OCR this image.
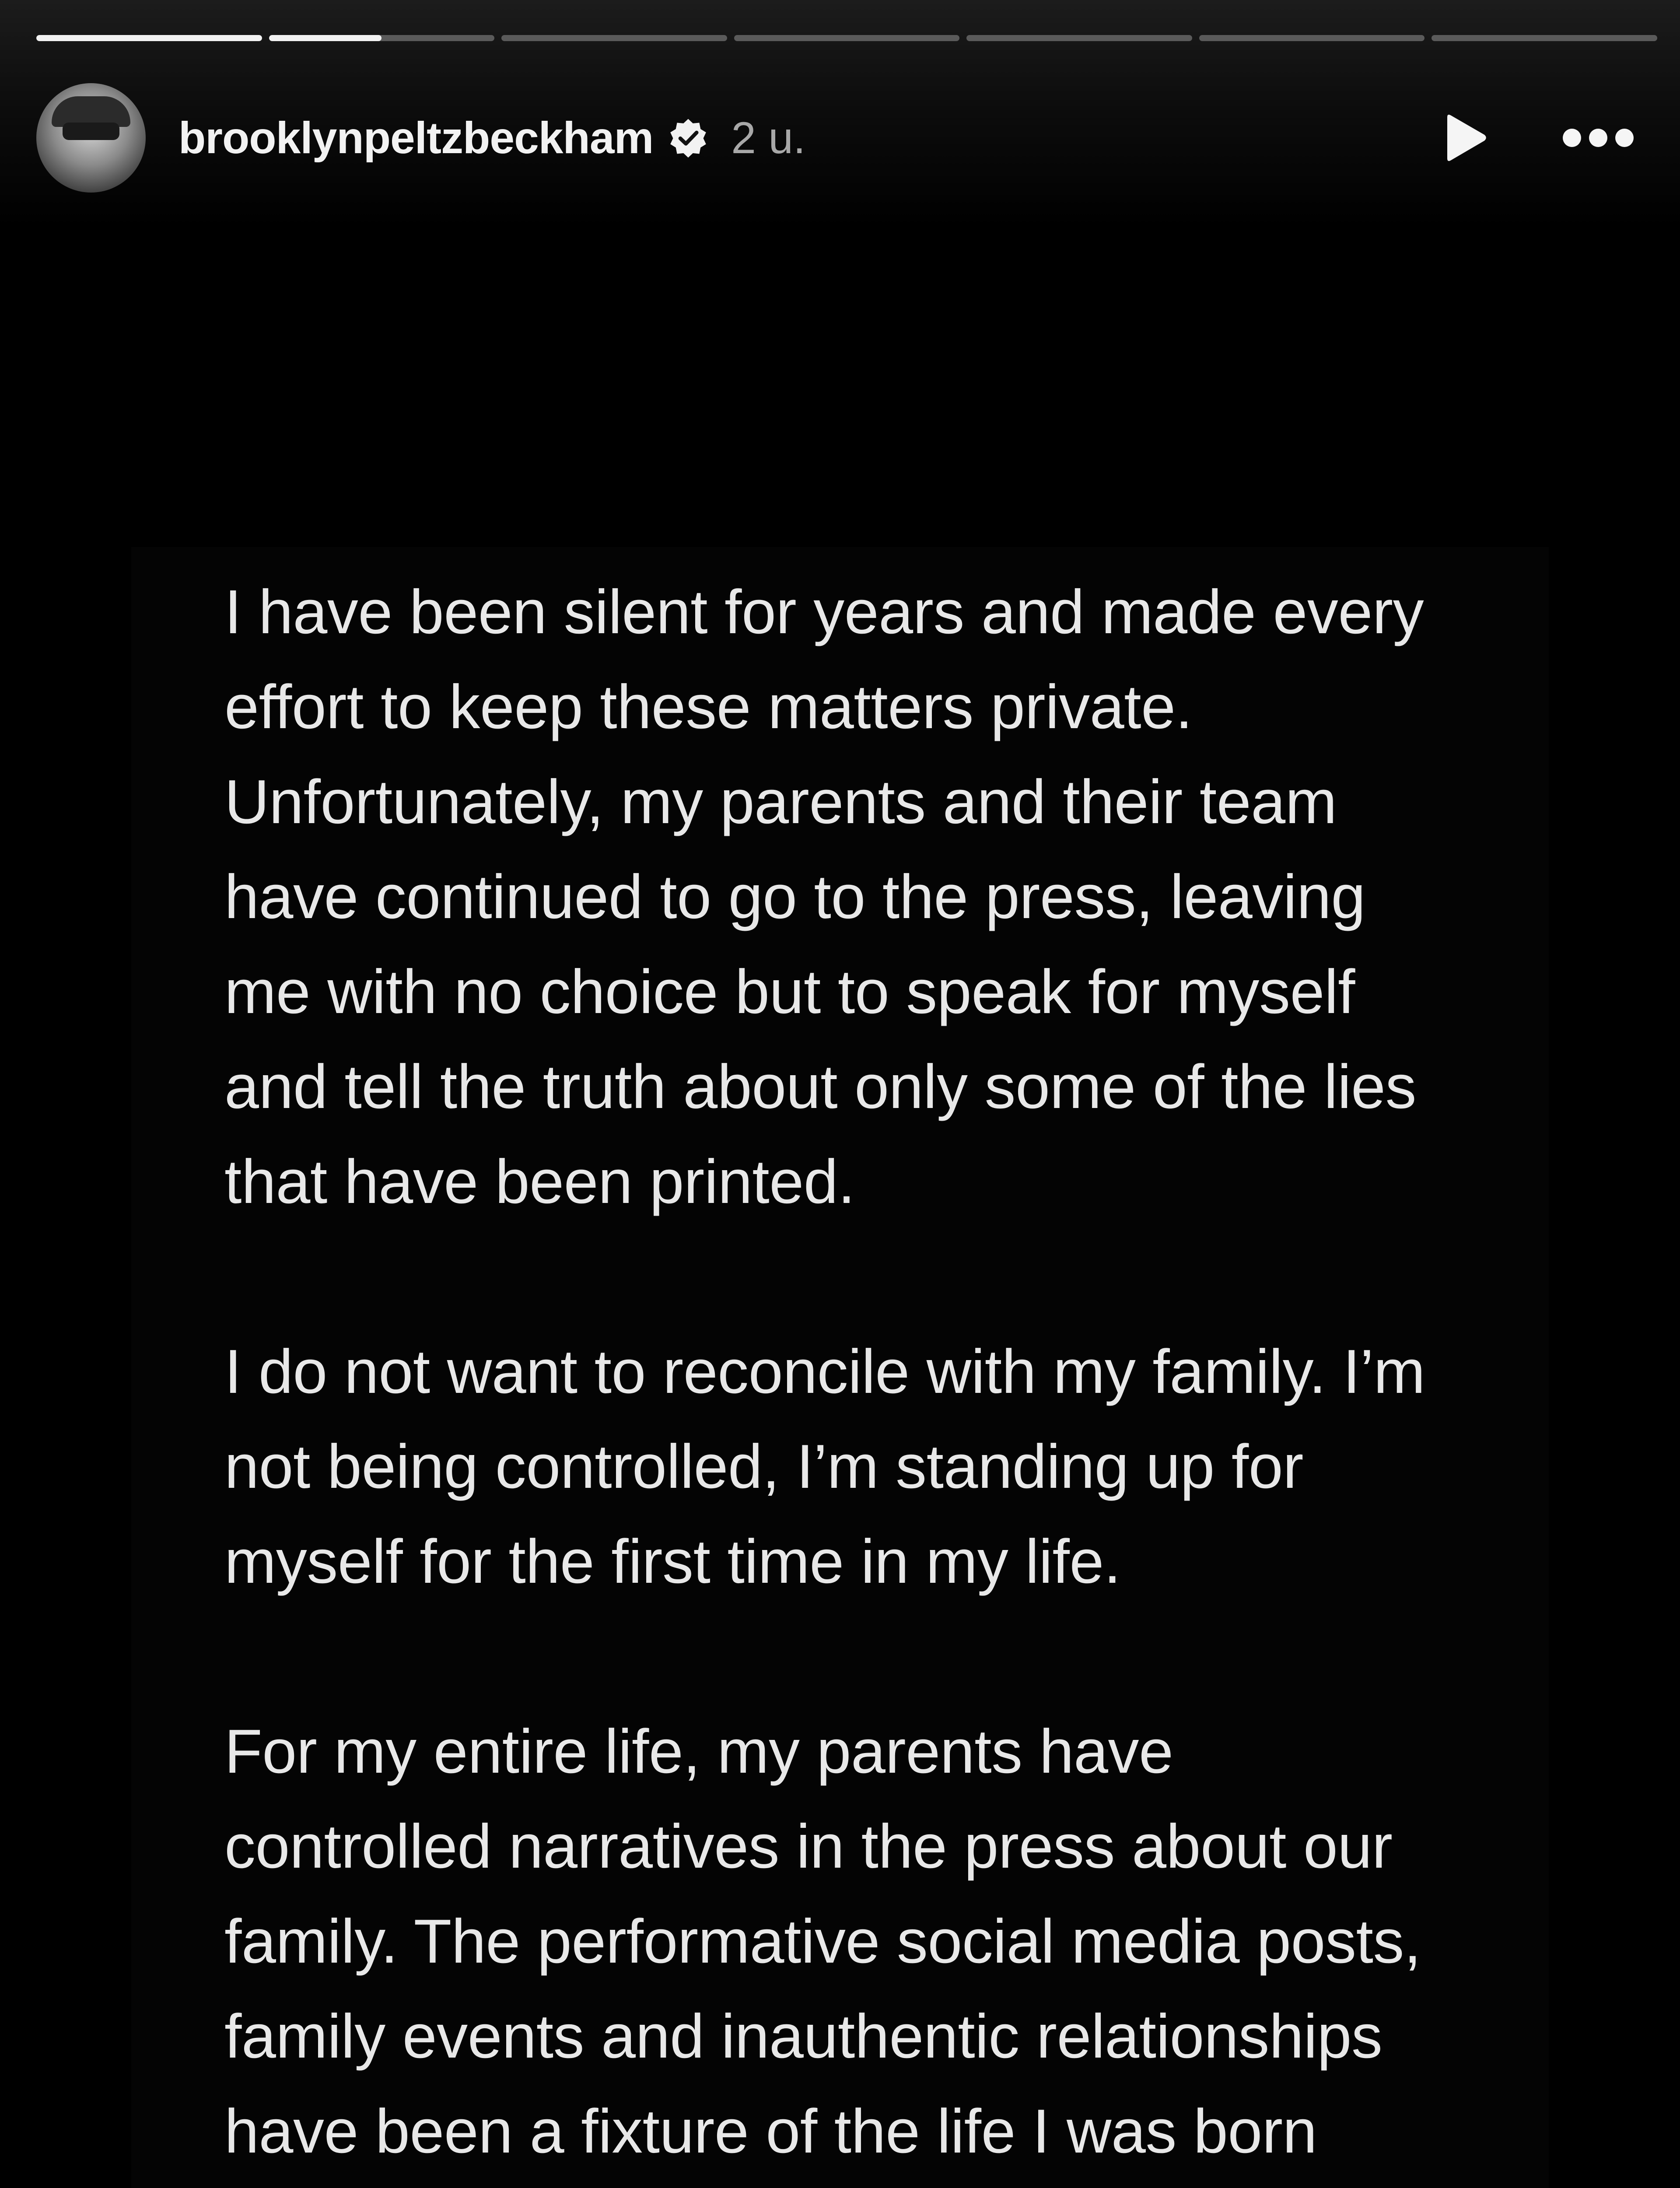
brooklynpeltzbeckham 2 u.

I have been silent for years and made every
effort to keep these matters private.
Unfortunately, my parents and their team
have continued to go to the press, leaving
me with no choice but to speak for myself
and tell the truth about only some of the lies
that have been printed.

I do not want to reconcile with my family. I’m
not being controlled, I’m standing up for
myself for the first time in my life.

For my entire life, my parents have
controlled narratives in the press about our
family. The performative social media posts,
family events and inauthentic relationships
have been a fixture of the life I was born
